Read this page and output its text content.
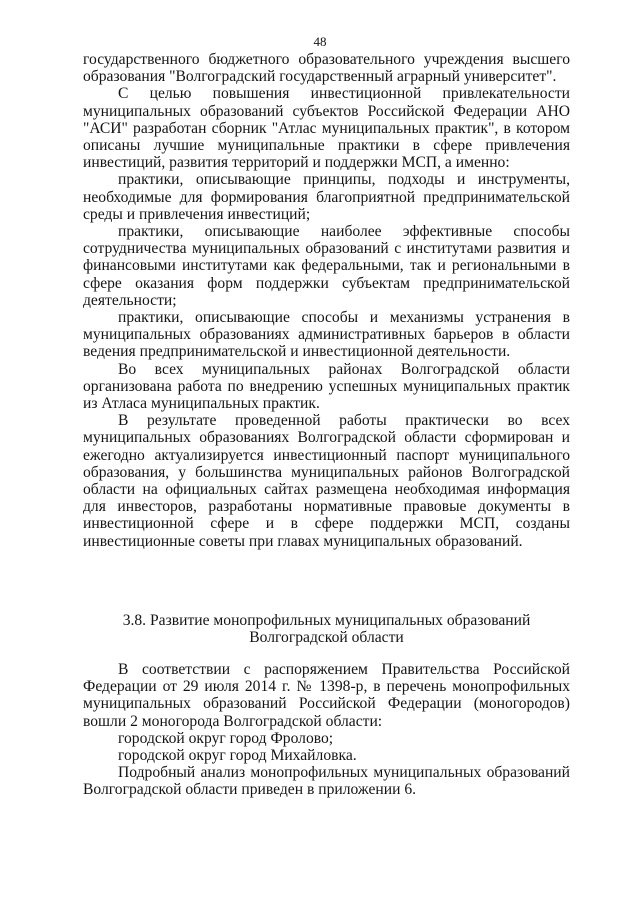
48

государственного бюджетного образовательного учреждения высшего образования "Волгоградский государственный аграрный университет".

С целью повышения инвестиционной привлекательности муниципальных образований субъектов Российской Федерации АНО "АСИ" разработан сборник "Атлас муниципальных практик", в котором описаны лучшие муниципальные практики в сфере привлечения инвестиций, развития территорий и поддержки МСП, а именно:

практики, описывающие принципы, подходы и инструменты, необходимые для формирования благоприятной предпринимательской среды и привлечения инвестиций;

практики, описывающие наиболее эффективные способы сотрудничества муниципальных образований с институтами развития и финансовыми институтами как федеральными, так и региональными в сфере оказания форм поддержки субъектам предпринимательской деятельности;

практики, описывающие способы и механизмы устранения в муниципальных образованиях административных барьеров в области ведения предпринимательской и инвестиционной деятельности.

Во всех муниципальных районах Волгоградской области организована работа по внедрению успешных муниципальных практик из Атласа муниципальных практик.

В результате проведенной работы практически во всех муниципальных образованиях Волгоградской области сформирован и ежегодно актуализируется инвестиционный паспорт муниципального образования, у большинства муниципальных районов Волгоградской области на официальных сайтах размещена необходимая информация для инвесторов, разработаны нормативные правовые документы в инвестиционной сфере и в сфере поддержки МСП, созданы инвестиционные советы при главах муниципальных образований.

3.8. Развитие монопрофильных муниципальных образований
Волгоградской области

В соответствии с распоряжением Правительства Российской Федерации от 29 июля 2014 г. № 1398-р, в перечень монопрофильных муниципальных образований Российской Федерации (моногородов) вошли 2 моногорода Волгоградской области:

городской округ город Фролово;

городской округ город Михайловка.

Подробный анализ монопрофильных муниципальных образований Волгоградской области приведен в приложении 6.
